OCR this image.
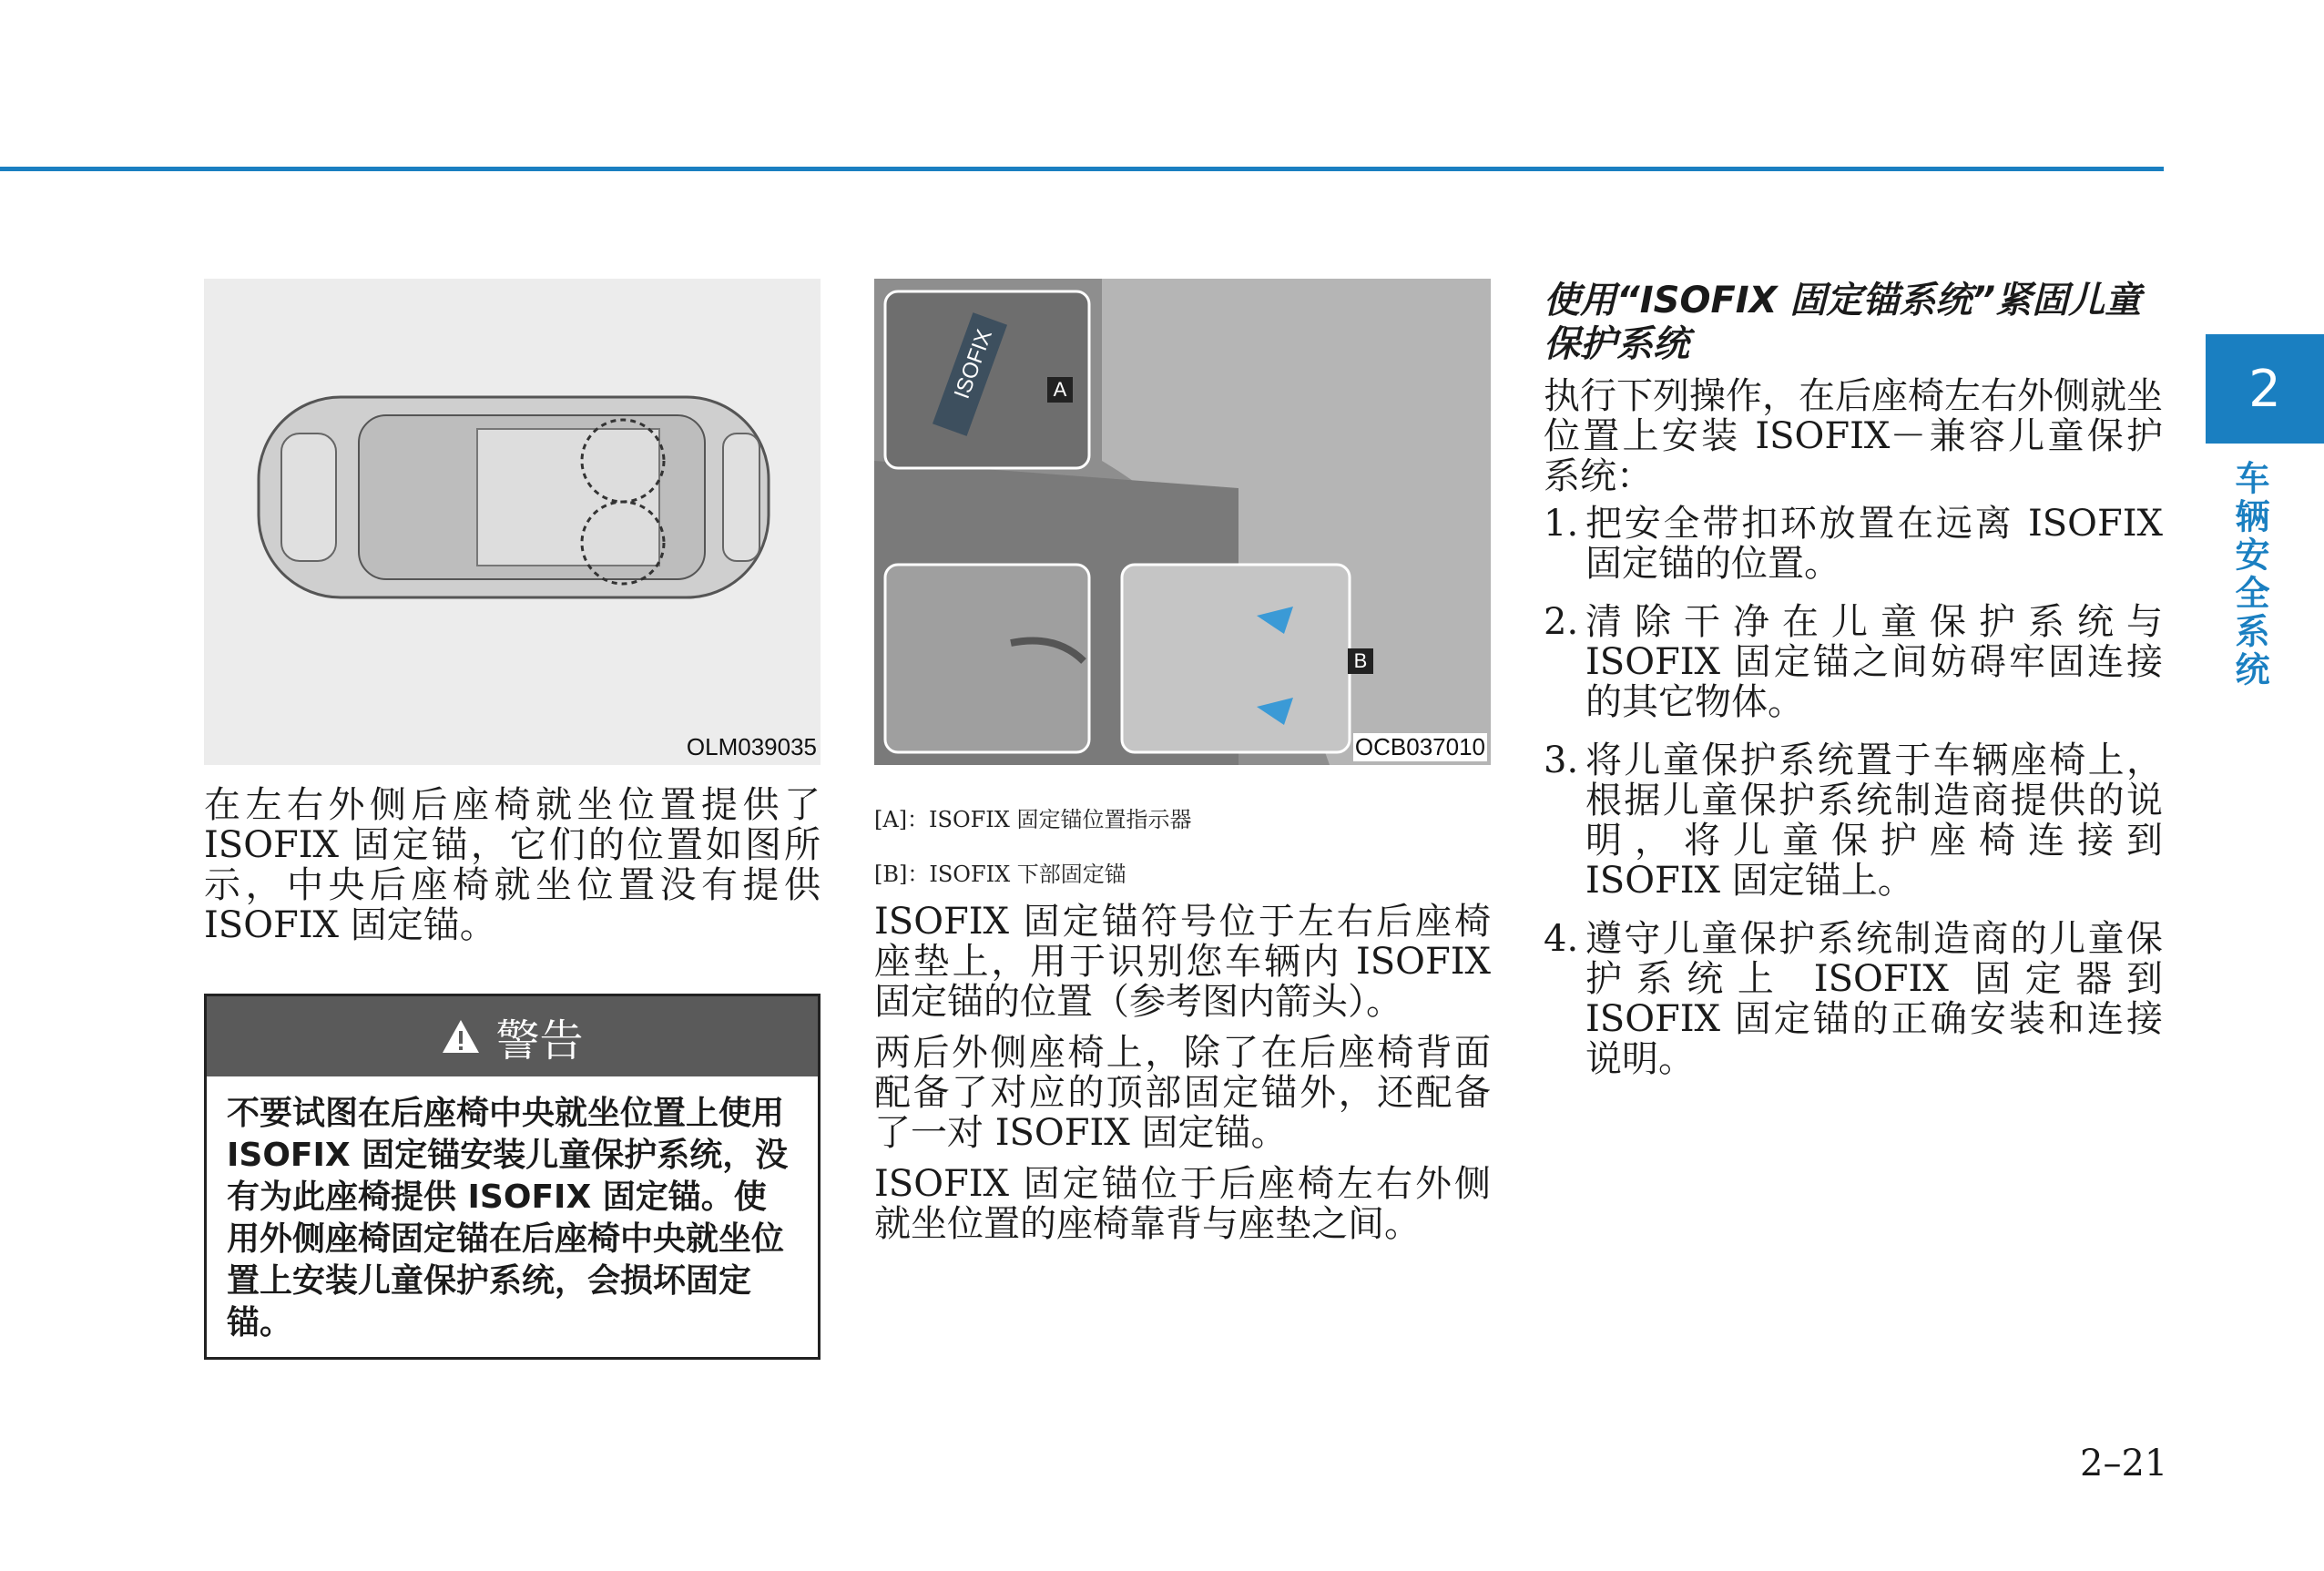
2
车辆安全系统
OLM039035
A
B
ISOFIX
OCB037010
在左右外侧后座椅就坐位置提供了ISOFIX 固定锚，它们的位置如图所示，中央后座椅就坐位置没有提供ISOFIX 固定锚。
警告
不要试图在后座椅中央就坐位置上使用 ISOFIX 固定锚安装儿童保护系统，没有为此座椅提供 ISOFIX 固定锚。使用外侧座椅固定锚在后座椅中央就坐位置上安装儿童保护系统，会损坏固定锚。
[A]：ISOFIX 固定锚位置指示器
[B]：ISOFIX 下部固定锚
ISOFIX 固定锚符号位于左右后座椅座垫上，用于识别您车辆内 ISOFIX 固定锚的位置（参考图内箭头）。
两后外侧座椅上，除了在后座椅背面配备了对应的顶部固定锚外，还配备了一对 ISOFIX 固定锚。
ISOFIX 固定锚位于后座椅左右外侧就坐位置的座椅靠背与座垫之间。
使用“ISOFIX 固定锚系统”紧固儿童保护系统
执行下列操作，在后座椅左右外侧就坐位置上安装 ISOFIX－兼容儿童保护系统：
1. 把安全带扣环放置在远离 ISOFIX 固定锚的位置。
2. 清除干净在儿童保护系统与 ISOFIX 固定锚之间妨碍牢固连接的其它物体。
3. 将儿童保护系统置于车辆座椅上，根据儿童保护系统制造商提供的说明，将儿童保护座椅连接到 ISOFIX 固定锚上。
4. 遵守儿童保护系统制造商的儿童保护系统上 ISOFIX 固定器到 ISOFIX 固定锚的正确安装和连接说明。
2–21
